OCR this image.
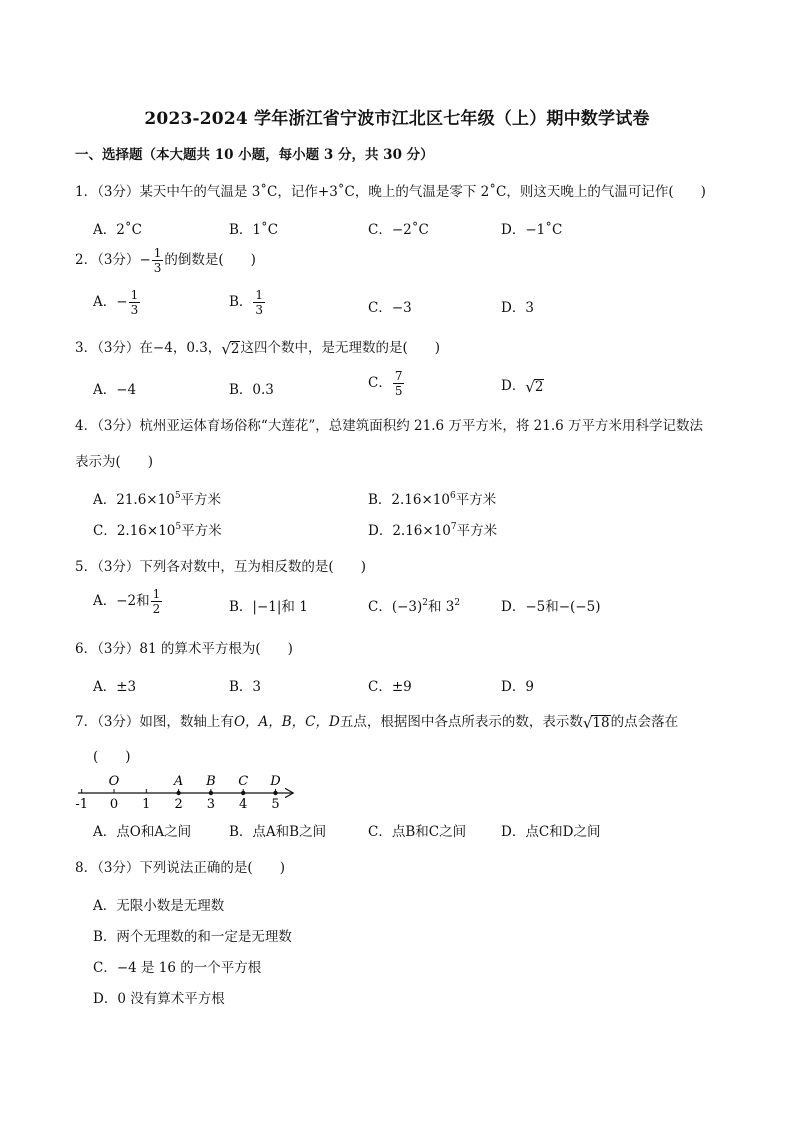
2023-2024 学年浙江省宁波市江北区七年级（上）期中数学试卷
一、选择题（本大题共 10 小题，每小题 3 分，共 30 分）
1．（3分）某天中午的气温是 3˚C，记作+3˚C，晚上的气温是零下 2˚C，则这天晚上的气温可记作(　　)
A．2˚C	B．1˚C	C．−2˚C	D．−1˚C
2．（3分）− $\frac{1}{3}$ 的倒数是(　　)
A．− $\frac{1}{3}$	B． $\frac{1}{3}$	C．−3	D．3
3．（3分）在−4，0.3， √ 2 这四个数中，是无理数的是(　　)
A．−4	B．0.3	C． $\frac{7}{5}$	D． √ 2
4．（3分）杭州亚运体育场俗称“大莲花”，总建筑面积约 21.6 万平方米，将 21.6 万平方米用科学记数法
表示为(　　)
A．$21.6\times 10^5$平方米	B．$2.16\times 10^6$平方米
C．$2.16\times 10^5$平方米	D．$2.16\times 10^7$平方米
5．（3分）下列各对数中，互为相反数的是(　　)
A．−2和 $\frac{1}{2}$	B．|−1|和 1	C．$(-3)^2$和 $3^2$	D．−5和−(−5)
6．（3分）81 的算术平方根为(　　)
A．±3	B．3	C．±9	D．9
7．（3分）如图，数轴上有O，A，B，C，D五点，根据图中各点所表示的数，表示数 √ 18 的点会落在
(　　)
-1 0 1 2 3 4 5
O	A B C D
A．点O和A之间	B．点A和B之间	C．点B和C之间	D．点C和D之间
8．（3分）下列说法正确的是(　　)
A．无限小数是无理数
B．两个无理数的和一定是无理数
C．−4 是 16 的一个平方根
D．0 没有算术平方根
